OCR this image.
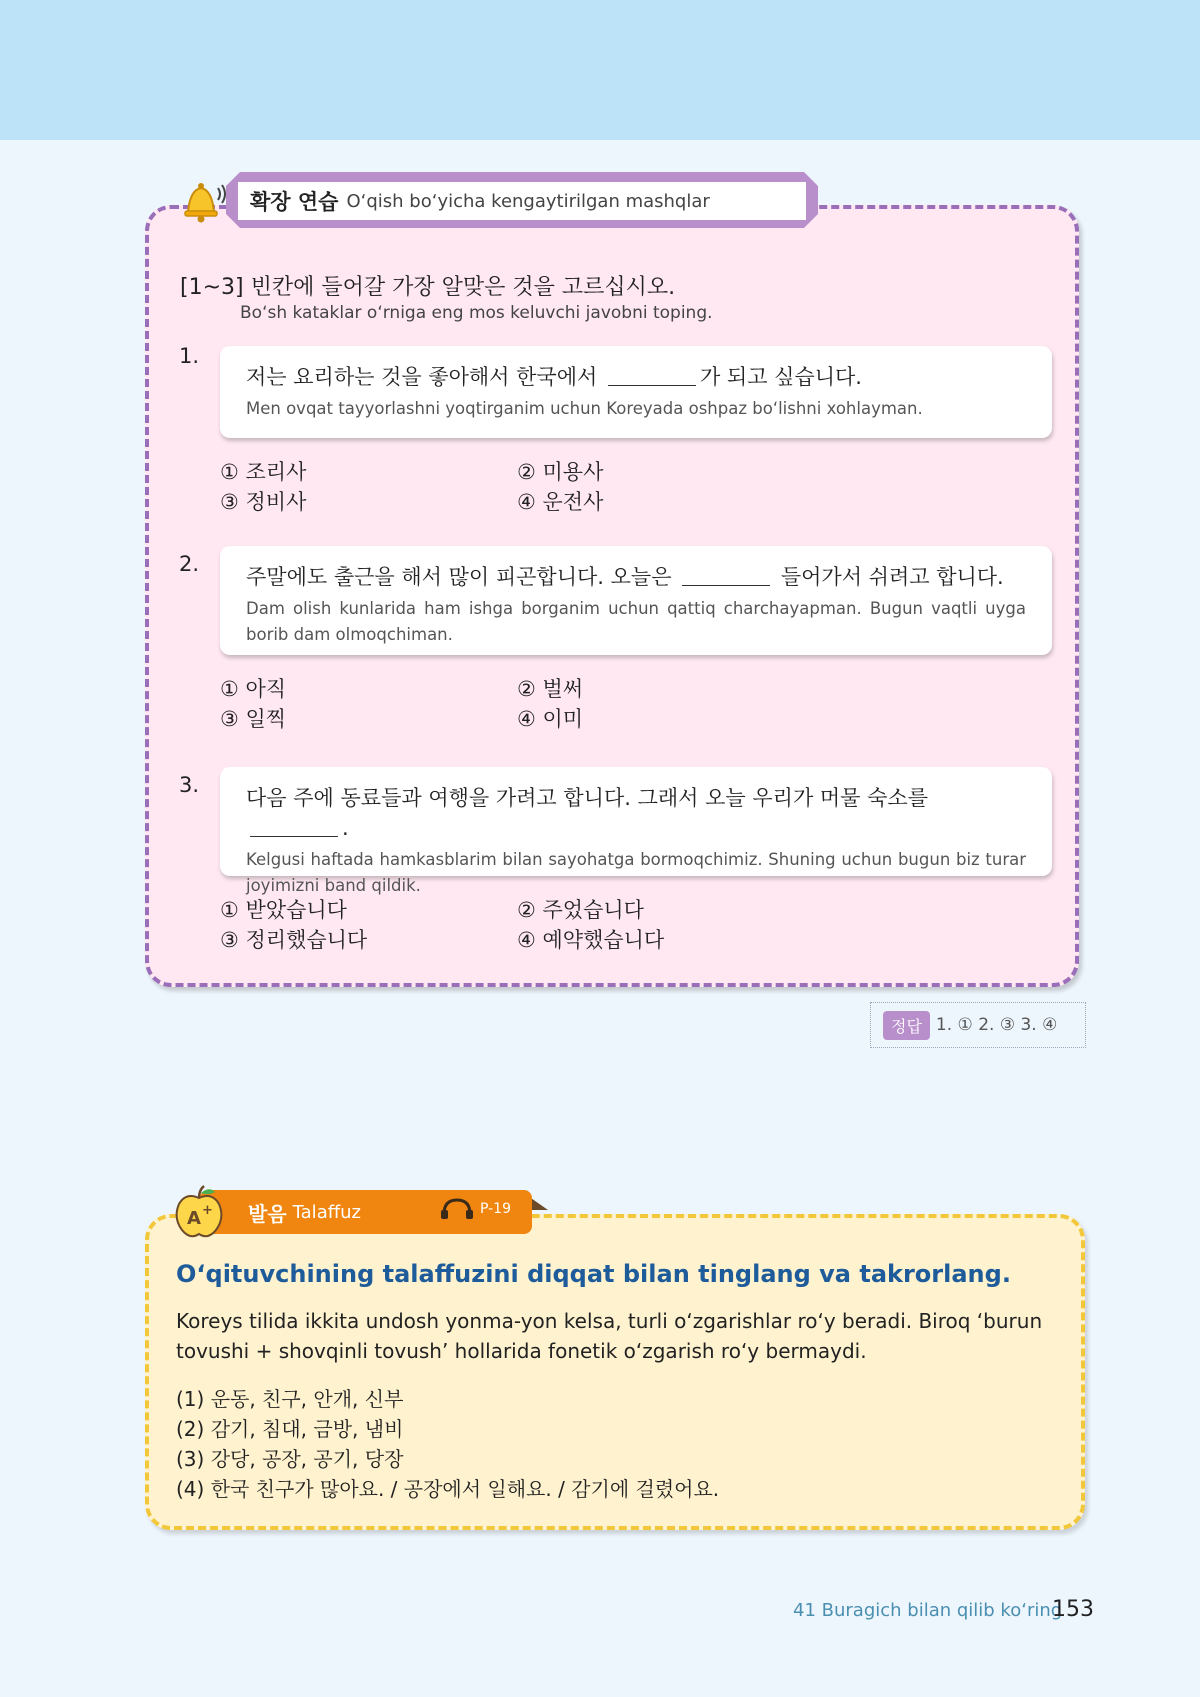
확장 연습 O‘qish bo‘yicha kengaytirilgan mashqlar
[1~3] 빈칸에 들어갈 가장 알맞은 것을 고르십시오.
Bo‘sh kataklar o‘rniga eng mos keluvchi javobni toping.
1.
저는 요리하는 것을 좋아해서 한국에서	가 되고 싶습니다.
Men ovqat tayyorlashni yoqtirganim uchun Koreyada oshpaz bo‘lishni xohlayman.
① 조리사	② 미용사
③ 정비사	④ 운전사
2.
주말에도 출근을 해서 많이 피곤합니다. 오늘은	들어가서 쉬려고 합니다.
Dam olish kunlarida ham ishga borganim uchun qattiq charchayapman. Bugun vaqtli uyga borib dam olmoqchiman.
① 아직	② 벌써
③ 일찍	④ 이미
3.
다음 주에 동료들과 여행을 가려고 합니다. 그래서 오늘 우리가 머물 숙소를 .
Kelgusi haftada hamkasblarim bilan sayohatga bormoqchimiz. Shuning uchun bugun biz turar joyimizni band qildik.
① 받았습니다	② 주었습니다
③ 정리했습니다	④ 예약했습니다
정답 1. ① 2. ③ 3. ④
발음 Talaffuz	P-19
A +
O‘qituvchining talaffuzini diqqat bilan tinglang va takrorlang.
Koreys tilida ikkita undosh yonma-yon kelsa, turli o‘zgarishlar ro‘y beradi. Biroq ‘burun tovushi + shovqinli tovush’ hollarida fonetik o‘zgarish ro‘y bermaydi.
(1) 운동, 친구, 안개, 신부
(2) 감기, 침대, 금방, 냄비
(3) 강당, 공장, 공기, 당장
(4) 한국 친구가 많아요. / 공장에서 일해요. / 감기에 걸렸어요.
41 Buragich bilan qilib ko‘ring
153
